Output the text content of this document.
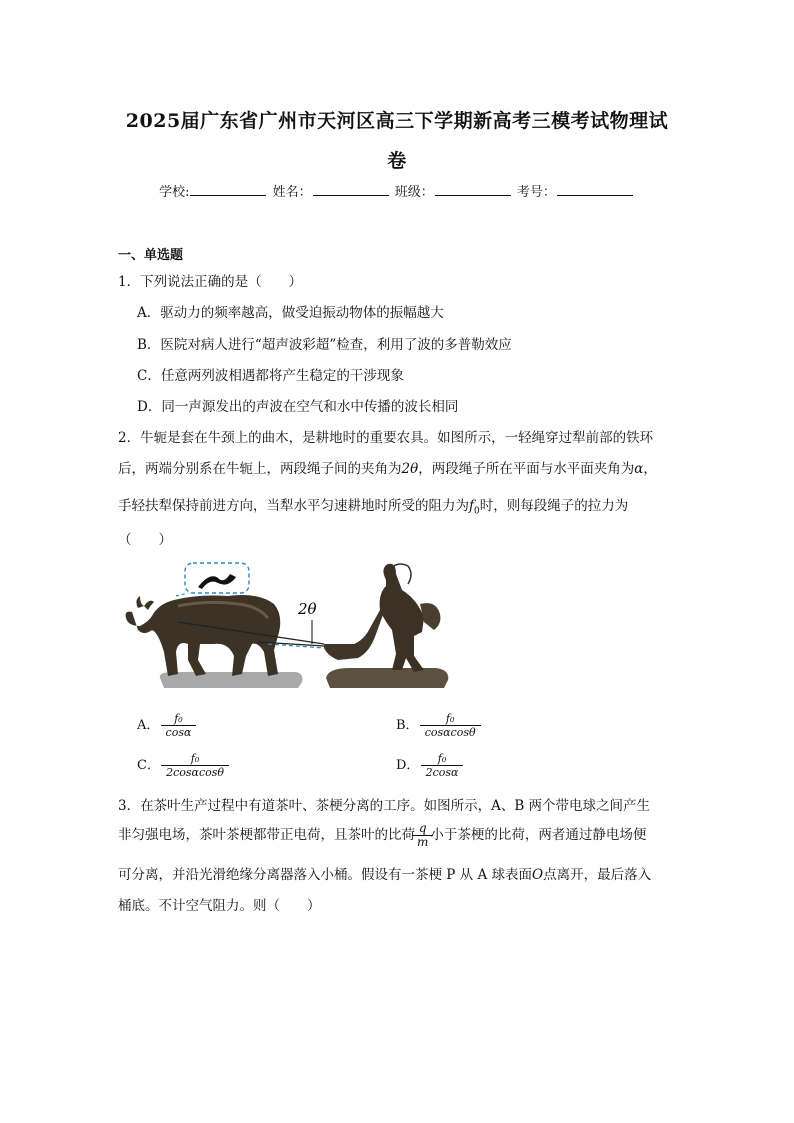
2025届广东省广州市天河区高三下学期新高考三模考试物理试
卷
学校:	姓名：	班级：	考号：
一、单选题
1．下列说法正确的是（　　）
A．驱动力的频率越高，做受迫振动物体的振幅越大
B．医院对病人进行“超声波彩超”检查，利用了波的多普勒效应
C．任意两列波相遇都将产生稳定的干涉现象
D．同一声源发出的声波在空气和水中传播的波长相同
2．牛轭是套在牛颈上的曲木，是耕地时的重要农具。如图所示，一轻绳穿过犁前部的铁环
后，两端分别系在牛轭上，两段绳子间的夹角为2θ，两段绳子所在平面与水平面夹角为α，
手轻扶犁保持前进方向，当犁水平匀速耕地时所受的阻力为$f_0$时，则每段绳子的拉力为
（　　）
2θ
A． $\frac{\text{f₀}}{\cos\alpha}$	B． $\frac{\text{f₀}}{\cos\alpha\cos\theta}$
C． $\frac{\text{f₀}}{2\cos\alpha\cos\theta}$	D． $\frac{\text{f₀}}{2\cos\alpha}$
3．在茶叶生产过程中有道茶叶、茶梗分离的工序。如图所示，A、B 两个带电球之间产生
非匀强电场，茶叶茶梗都带正电荷，且茶叶的比荷 $\frac{q}{m}$ 小于茶梗的比荷，两者通过静电场便
可分离，并沿光滑绝缘分离器落入小桶。假设有一茶梗 P 从 A 球表面O点离开，最后落入
桶底。不计空气阻力。则（　　）
